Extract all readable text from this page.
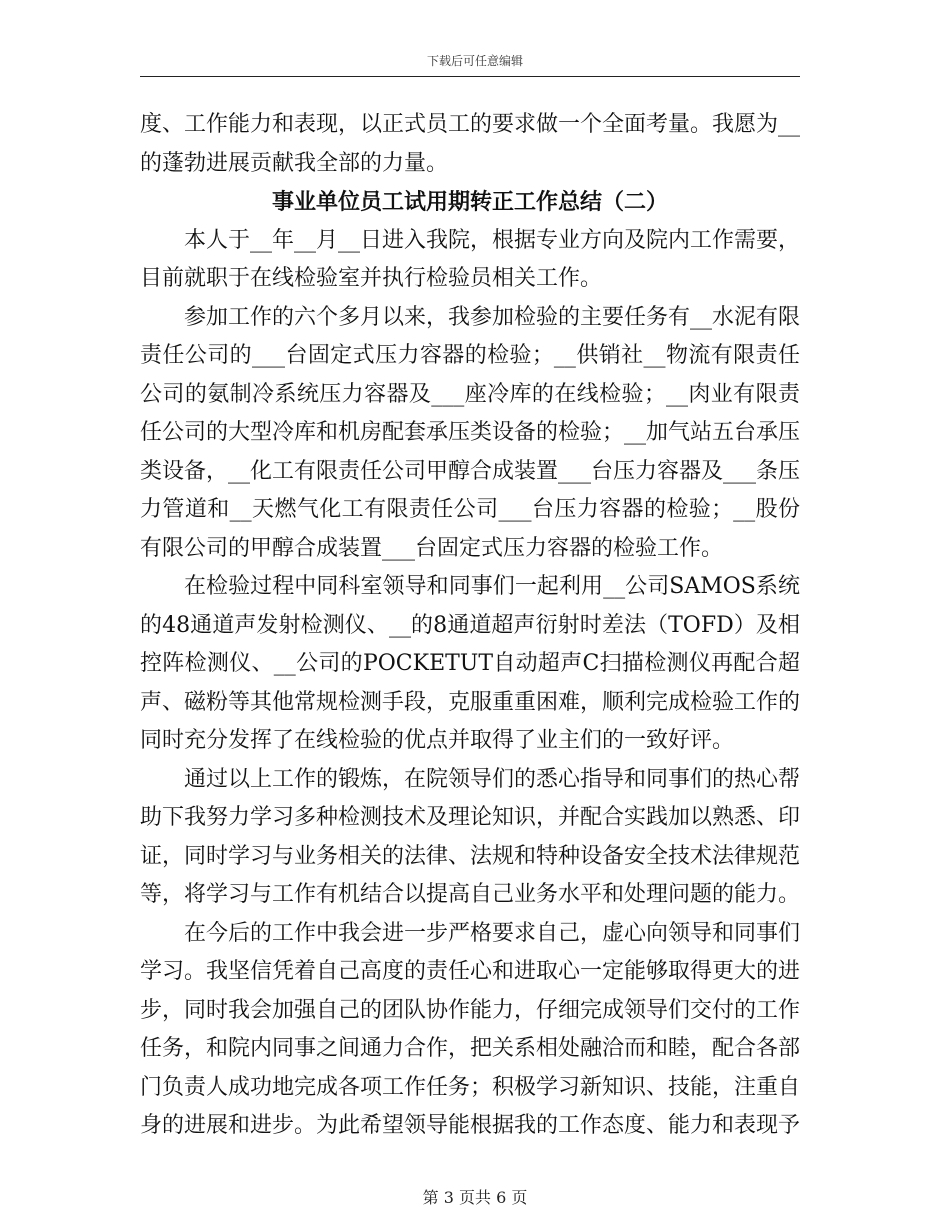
下载后可任意编辑

度、工作能力和表现，以正式员工的要求做一个全面考量。我愿为__的蓬勃进展贡献我全部的力量。

事业单位员工试用期转正工作总结（二）

本人于__年__月__日进入我院，根据专业方向及院内工作需要，目前就职于在线检验室并执行检验员相关工作。

参加工作的六个多月以来，我参加检验的主要任务有__水泥有限责任公司的___台固定式压力容器的检验；__供销社__物流有限责任公司的氨制冷系统压力容器及___座冷库的在线检验；__肉业有限责任公司的大型冷库和机房配套承压类设备的检验；__加气站五台承压类设备，__化工有限责任公司甲醇合成装置___台压力容器及___条压力管道和__天燃气化工有限责任公司___台压力容器的检验；__股份有限公司的甲醇合成装置___台固定式压力容器的检验工作。

在检验过程中同科室领导和同事们一起利用__公司SAMOS系统的48通道声发射检测仪、__的8通道超声衍射时差法（TOFD）及相控阵检测仪、__公司的POCKETUT自动超声C扫描检测仪再配合超声、磁粉等其他常规检测手段，克服重重困难，顺利完成检验工作的同时充分发挥了在线检验的优点并取得了业主们的一致好评。

通过以上工作的锻炼，在院领导们的悉心指导和同事们的热心帮助下我努力学习多种检测技术及理论知识，并配合实践加以熟悉、印证，同时学习与业务相关的法律、法规和特种设备安全技术法律规范等，将学习与工作有机结合以提高自己业务水平和处理问题的能力。

在今后的工作中我会进一步严格要求自己，虚心向领导和同事们学习。我坚信凭着自己高度的责任心和进取心一定能够取得更大的进步，同时我会加强自己的团队协作能力，仔细完成领导们交付的工作任务，和院内同事之间通力合作，把关系相处融洽而和睦，配合各部门负责人成功地完成各项工作任务；积极学习新知识、技能，注重自身的进展和进步。为此希望领导能根据我的工作态度、能力和表现予

第 3 页共 6 页
